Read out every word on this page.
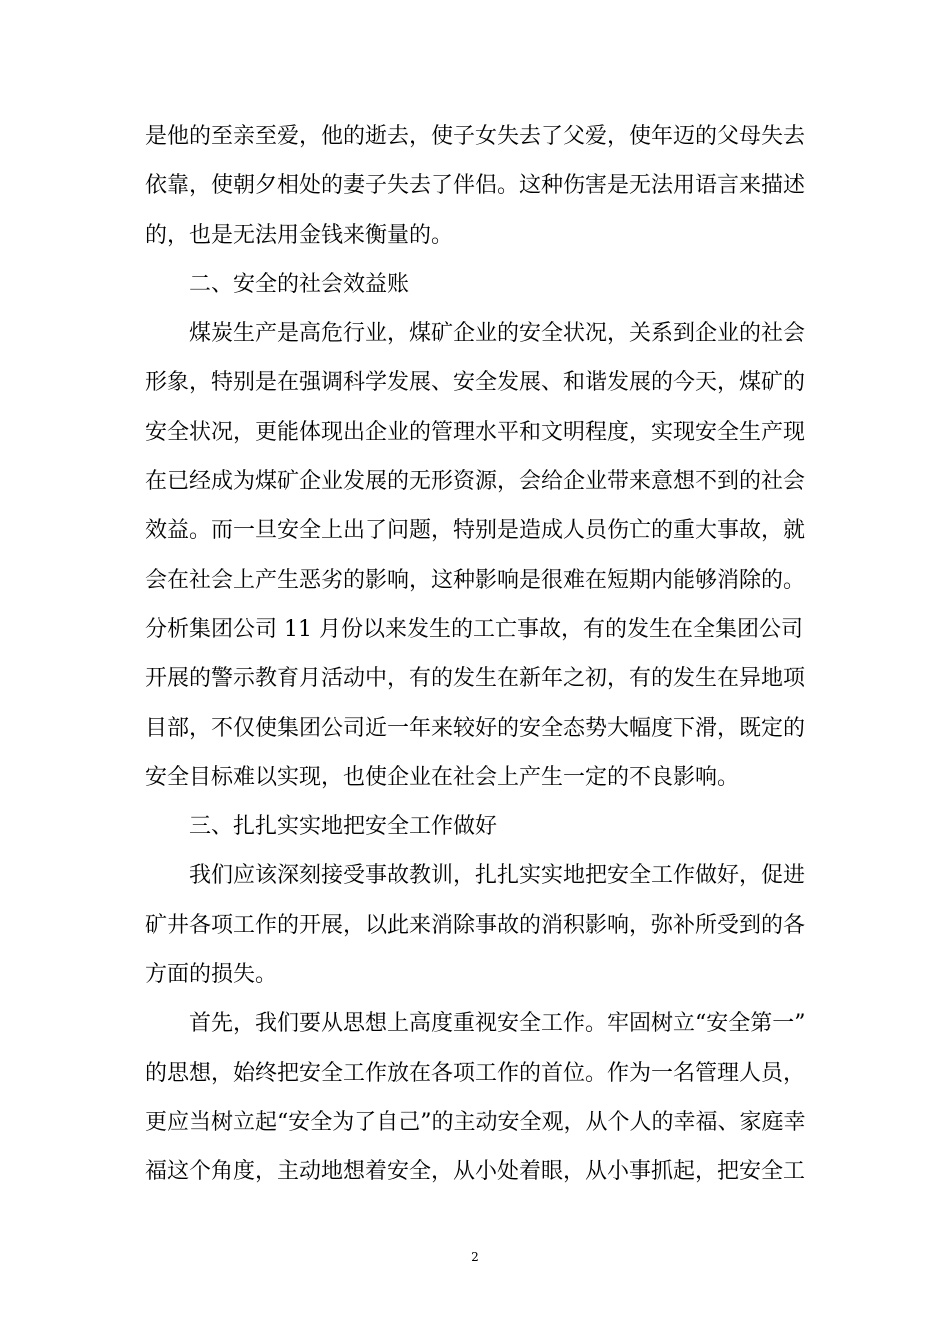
是他的至亲至爱，他的逝去，使子女失去了父爱，使年迈的父母失去
依靠，使朝夕相处的妻子失去了伴侣。这种伤害是无法用语言来描述
的，也是无法用金钱来衡量的。

二、安全的社会效益账

煤炭生产是高危行业，煤矿企业的安全状况，关系到企业的社会
形象，特别是在强调科学发展、安全发展、和谐发展的今天，煤矿的
安全状况，更能体现出企业的管理水平和文明程度，实现安全生产现
在已经成为煤矿企业发展的无形资源，会给企业带来意想不到的社会
效益。而一旦安全上出了问题，特别是造成人员伤亡的重大事故，就
会在社会上产生恶劣的影响，这种影响是很难在短期内能够消除的。
分析集团公司 11 月份以来发生的工亡事故，有的发生在全集团公司
开展的警示教育月活动中，有的发生在新年之初，有的发生在异地项
目部，不仅使集团公司近一年来较好的安全态势大幅度下滑，既定的
安全目标难以实现，也使企业在社会上产生一定的不良影响。

三、扎扎实实地把安全工作做好

我们应该深刻接受事故教训，扎扎实实地把安全工作做好，促进
矿井各项工作的开展，以此来消除事故的消积影响，弥补所受到的各
方面的损失。

首先，我们要从思想上高度重视安全工作。牢固树立“安全第一”
的思想，始终把安全工作放在各项工作的首位。作为一名管理人员，
更应当树立起“安全为了自己”的主动安全观，从个人的幸福、家庭幸
福这个角度，主动地想着安全，从小处着眼，从小事抓起，把安全工

2
